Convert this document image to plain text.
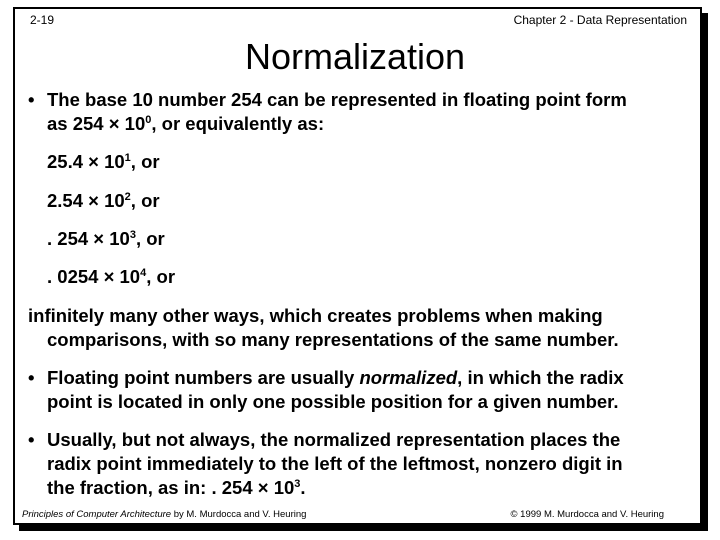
2-19	Chapter 2 - Data Representation
Normalization
• The base 10 number 254 can be represented in floating point form
as $254 \times 10^0$, or equivalently as:
$25.4 \times 10^1$, or
$2.54 \times 10^2$, or
. $254 \times 10^3$, or
. $0254 \times 10^4$, or
infinitely many other ways, which creates problems when making
comparisons, with so many representations of the same number.
• Floating point numbers are usually normalized, in which the radix
point is located in only one possible position for a given number.
• Usually, but not always, the normalized representation places the
radix point immediately to the left of the leftmost, nonzero digit in
the fraction, as in: . $254 \times 10^3$.
Principles of Computer Architecture by M. Murdocca and V. Heuring	© 1999 M. Murdocca and V. Heuring
